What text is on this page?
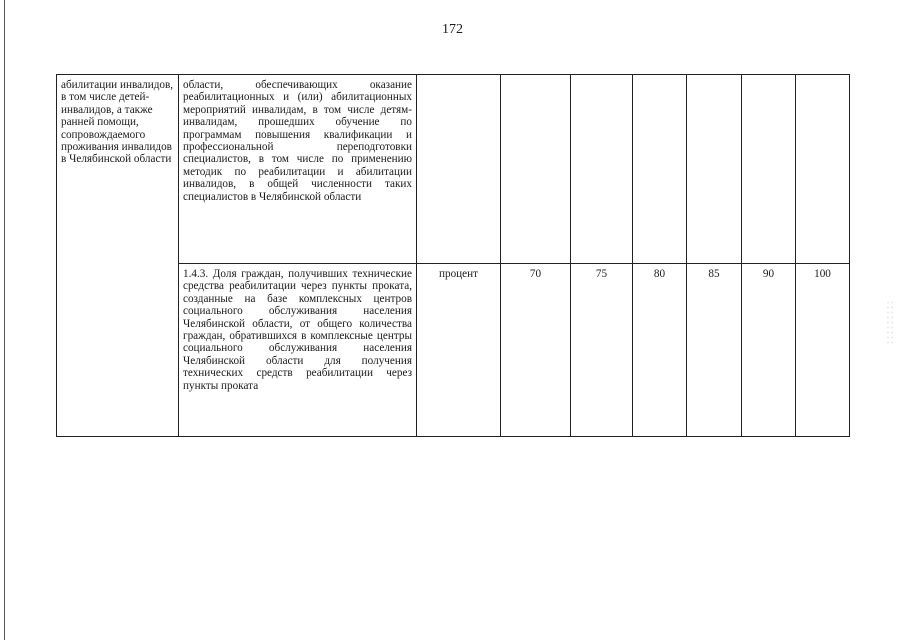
172
абилитации инвалидов, в том числе детей-инвалидов, а также ранней помощи, сопровождаемого проживания инвалидов в Челябинской области	области, обеспечивающих оказание реабилитационных и (или) абилитационных мероприятий инвалидам, в том числе детям-инвалидам, прошедших обучение по программам повышения квалификации и профессиональной переподготовки специалистов, в том числе по применению методик по реабилитации и абилитации инвалидов, в общей численности таких специалистов в Челябинской области							
	1.4.3. Доля граждан, получивших технические средства реабилитации через пункты проката, созданные на базе комплексных центров социального обслуживания населения Челябинской области, от общего количества граждан, обратившихся в комплексные центры социального обслуживания населения Челябинской области для получения технических средств реабилитации через пункты проката	процент	70	75	80	85	90	100
